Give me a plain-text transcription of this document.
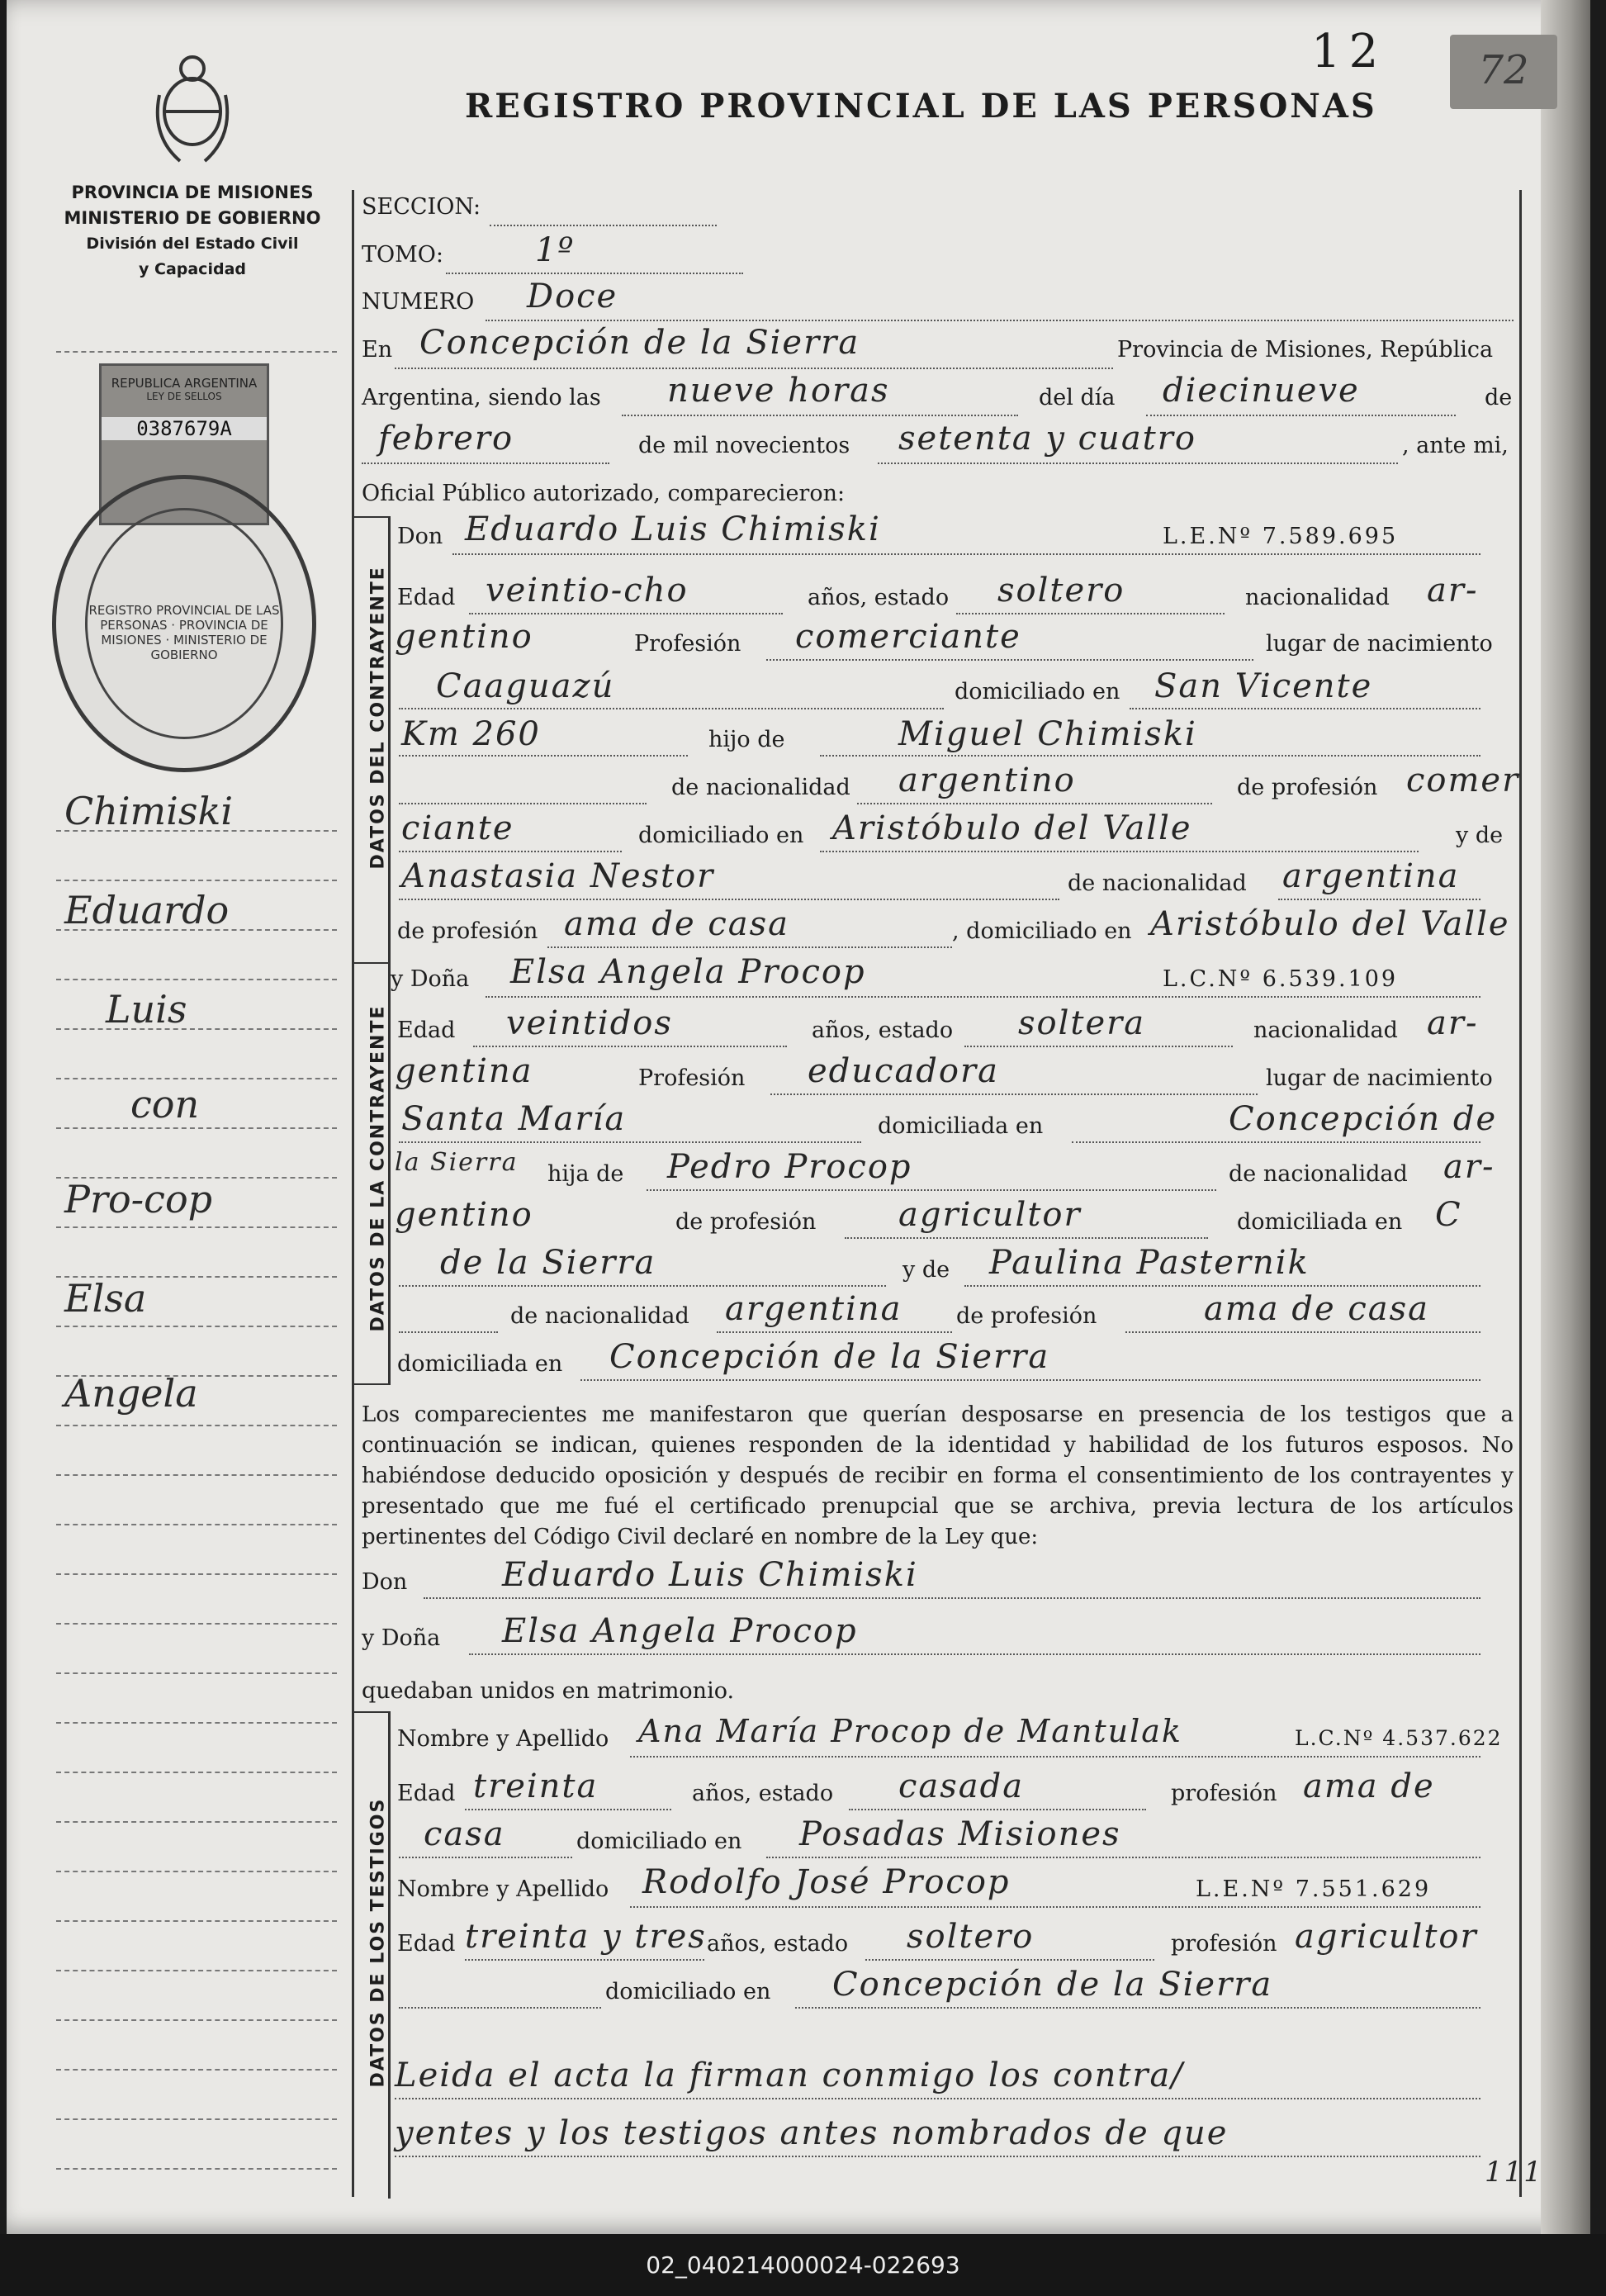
PROVINCIA DE MISIONES
MINISTERIO DE GOBIERNO
División del Estado Civil
y Capacidad
12	72
REGISTRO PROVINCIAL DE LAS PERSONAS
REPUBLICA ARGENTINA
LEY DE SELLOS
0387679A
REGISTRO PROVINCIAL DE LAS PERSONAS · PROVINCIA DE MISIONES · MINISTERIO DE GOBIERNO
Chimiski
Eduardo
Luis
con
Pro-cop
Elsa
Angela
SECCION:
TOMO:	1º
NUMERO Doce
En Concepción de la Sierra	Provincia de Misiones, República
Argentina, siendo las nueve horas	del día diecinueve	de
febrero	de mil novecientos setenta y cuatro	, ante mi,
Oficial Público autorizado, comparecieron:
DATOS DEL CONTRAYENTE
Don Eduardo Luis Chimiski	L.E.Nº 7.589.695
Edad veintio-cho	años, estado soltero	nacionalidad ar-
gentino	Profesión comerciante	lugar de nacimiento
Caaguazú	domiciliado en San Vicente
Km 260	hijo de	Miguel Chimiski
de nacionalidad argentino	de profesión comer
ciante	domiciliado en Aristóbulo del Valle	y de
Anastasia Nestor	de nacionalidad argentina
de profesión ama de casa	, domiciliado en Aristóbulo del Valle
DATOS DE LA CONTRAYENTE
y Doña Elsa Angela Procop	L.C.Nº 6.539.109
Edad veintidos	años, estado soltera	nacionalidad ar-
gentina	Profesión educadora	lugar de nacimiento
Santa María	domiciliada en	Concepción de
la Sierra hija de Pedro Procop	de nacionalidad ar-
gentino	de profesión agricultor	domiciliada en C
de la Sierra	y de Paulina Pasternik
de nacionalidad argentina de profesión	ama de casa
domiciliada en Concepción de la Sierra
Los comparecientes me manifestaron que querían desposarse en presencia de los testigos que a continuación se indican, quienes responden de la identidad y habilidad de los futuros esposos. No habiéndose deducido oposición y después de recibir en forma el consentimiento de los contrayentes y presentado que me fué el certificado prenupcial que se archiva, previa lectura de los artículos pertinentes del Código Civil declaré en nombre de la Ley que:
Don	Eduardo Luis Chimiski
y Doña Elsa Angela Procop
quedaban unidos en matrimonio.
DATOS DE LOS TESTIGOS
Nombre y Apellido Ana María Procop de Mantulak	L.C.Nº 4.537.622
Edad treinta	años, estado casada	profesión ama de
casa	domiciliado en Posadas Misiones
Nombre y Apellido Rodolfo José Procop	L.E.Nº 7.551.629
Edad treinta y tres años, estado soltero	profesión agricultor
domiciliado en Concepción de la Sierra
Leida el acta la firman conmigo los contra/
yentes y los testigos antes nombrados de que
111
02_040214000024-022693
